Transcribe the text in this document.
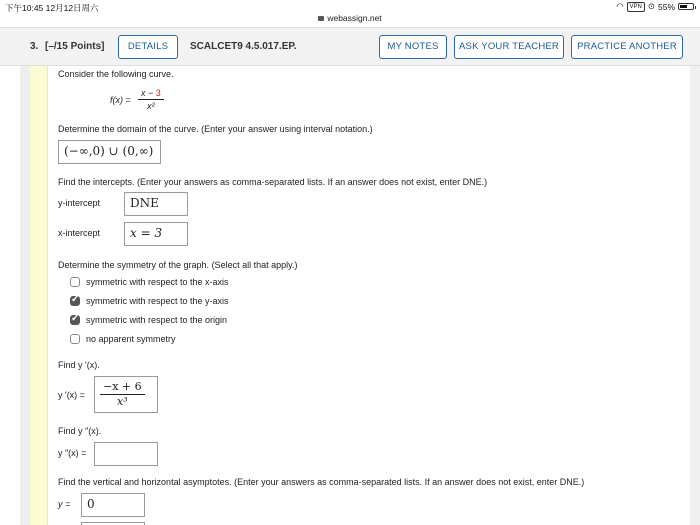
下午10:45 12月12日周六	◠	VPN ⊙ 55%
webassign.net
3. [–/15 Points]	DETAILS	SCALCET9 4.5.017.EP.	MY NOTES	ASK YOUR TEACHER	PRACTICE ANOTHER
Consider the following curve.
$f(x) = \frac{x - 3}{\text{x²}}$
Determine the domain of the curve. (Enter your answer using interval notation.)
(−∞,0) ∪ (0,∞)
Find the intercepts. (Enter your answers as comma-separated lists. If an answer does not exist, enter DNE.)
y-intercept DNE
x-intercept x = 3
Determine the symmetry of the graph. (Select all that apply.)
symmetric with respect to the x-axis
✓
symmetric with respect to the y-axis
✓
symmetric with respect to the origin
no apparent symmetry
Find y ′(x).
y $'(x) = \frac{-x + 6}{\text{x³}}$
Find y ″(x).
y ″(x) =
Find the vertical and horizontal asymptotes. (Enter your answers as comma-separated lists. If an answer does not exist, enter DNE.)
y = 0
